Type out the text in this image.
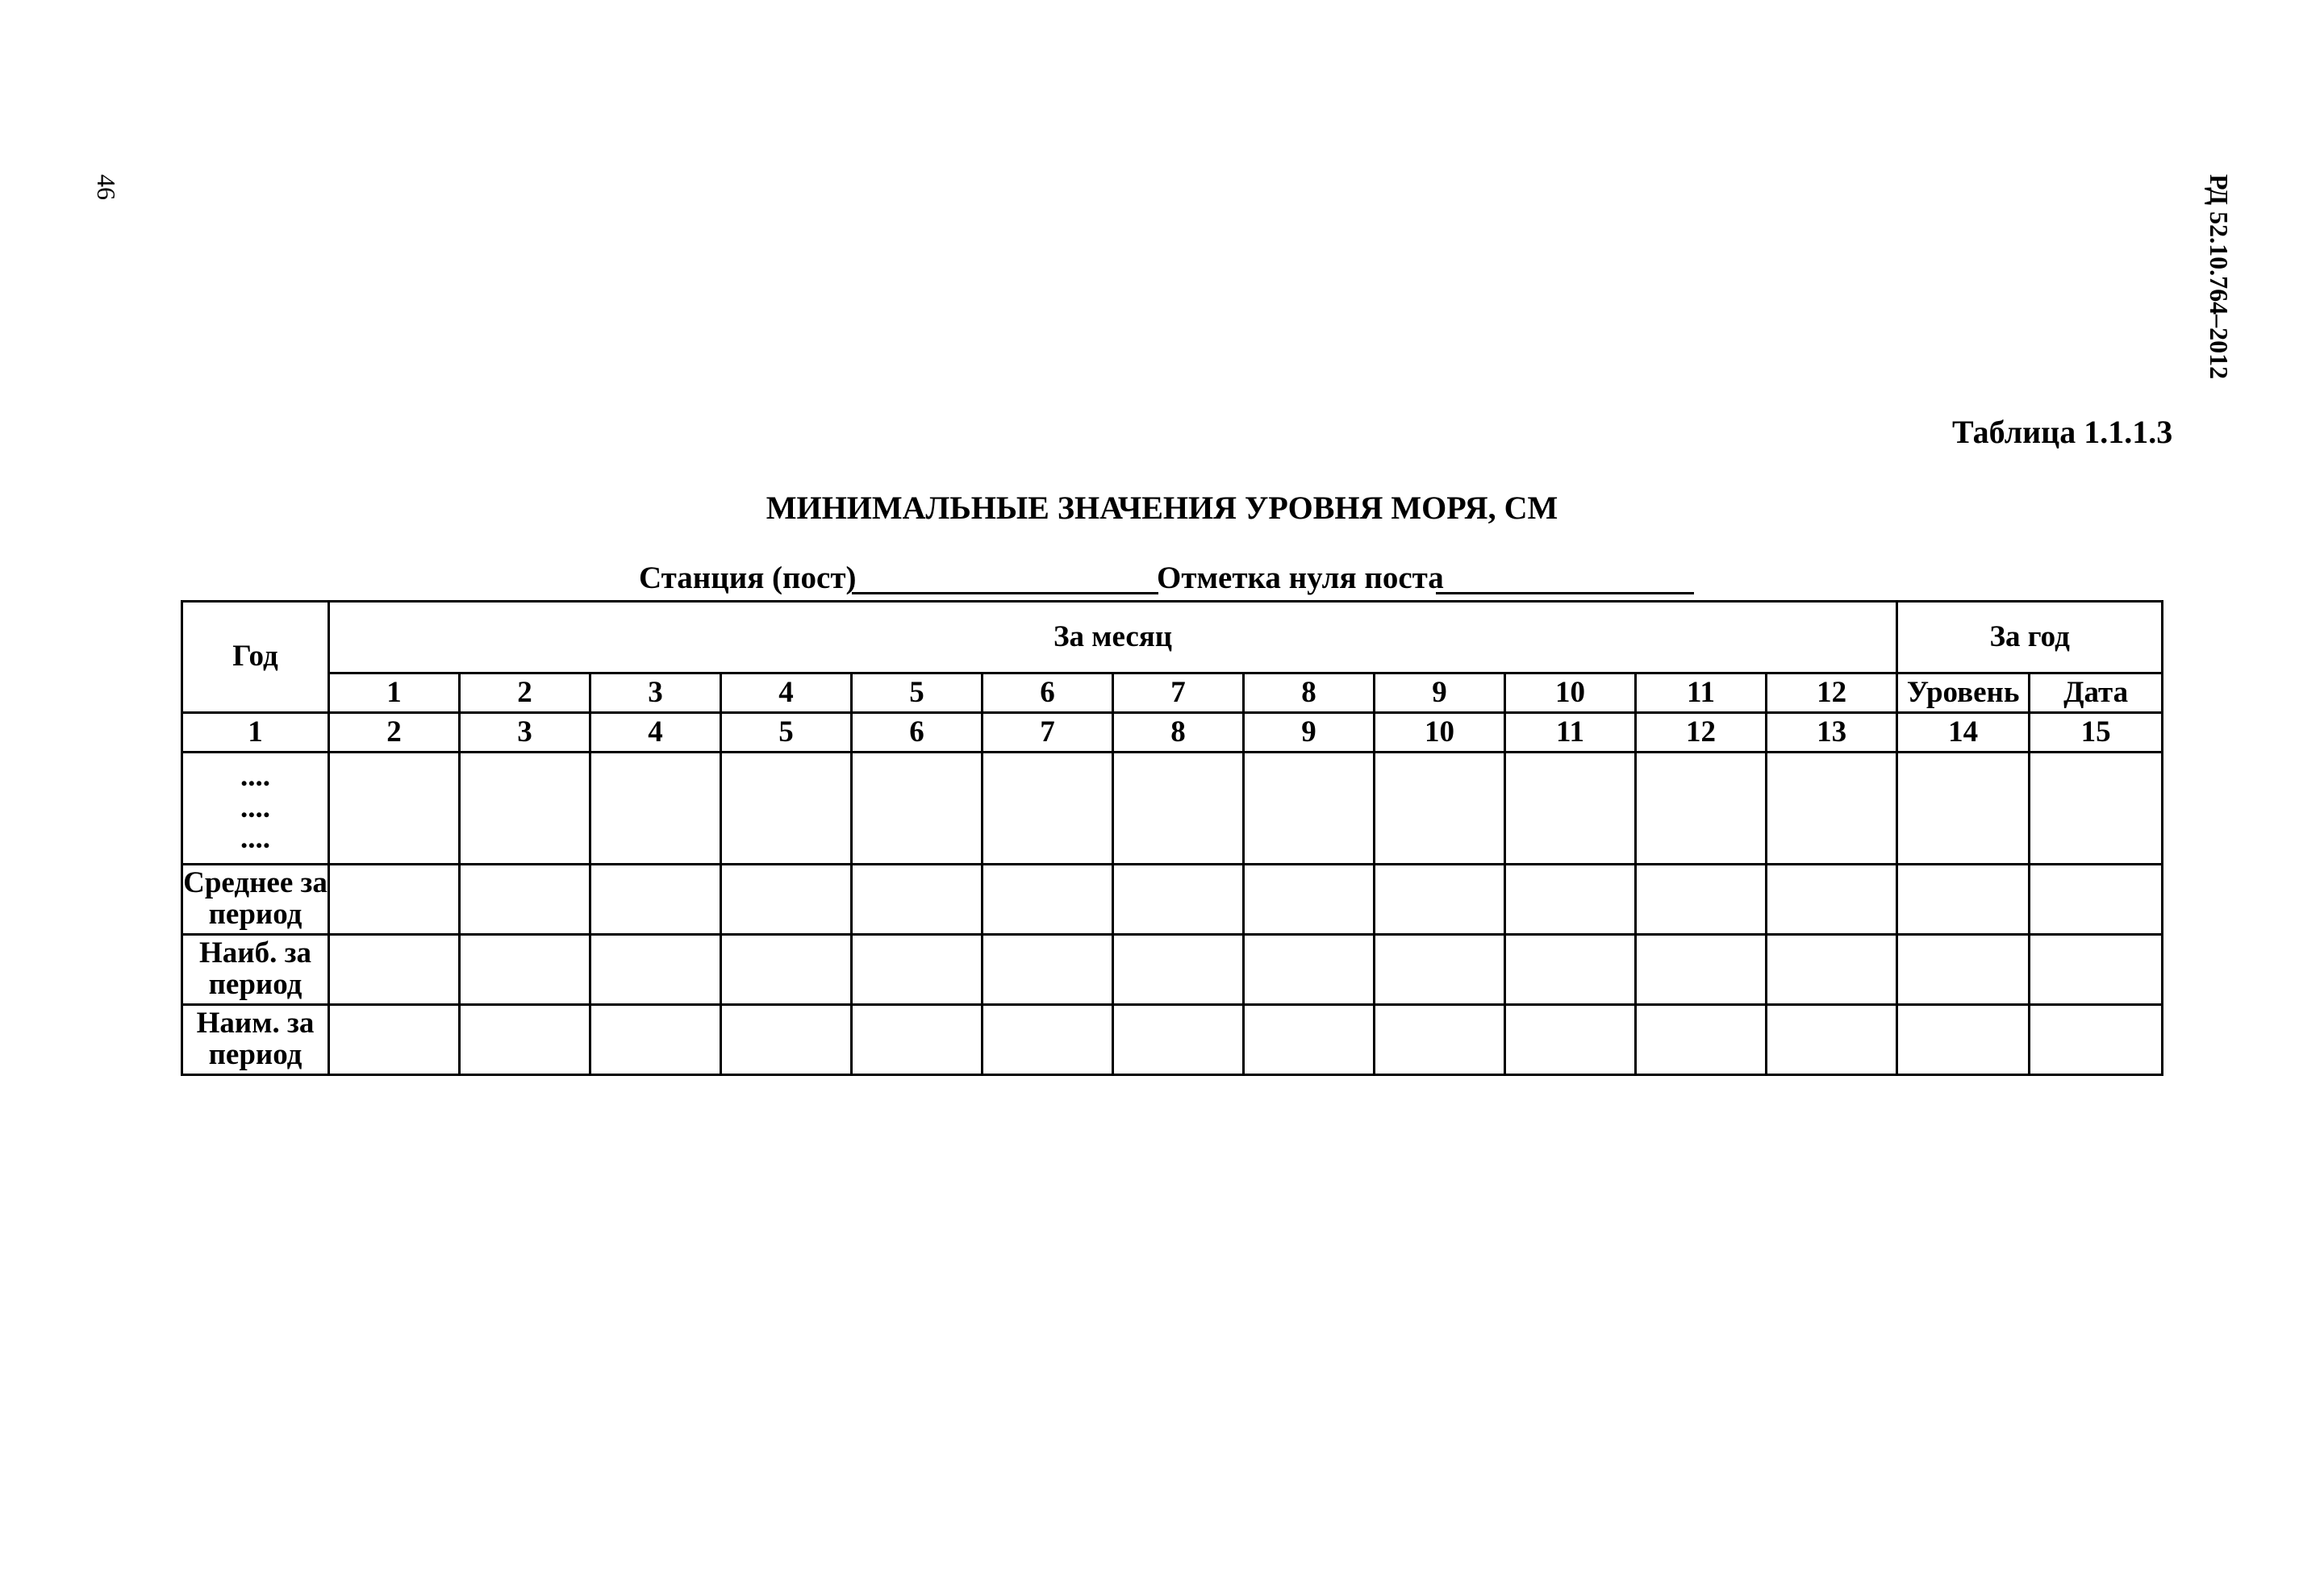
46	РД 52.10.764–2012
Таблица 1.1.1.3
МИНИМАЛЬНЫЕ ЗНАЧЕНИЯ УРОВНЯ МОРЯ, СМ
Станция (пост)	Отметка нуля поста
Год	За месяц												За год	
	1	2	3	4	5	6	7	8	9	10	11	12	Уровень	Дата
1	2	3	4	5	6	7	8	9	10	11	12	13	14	15

....
....
....														

Среднее за
период														

Наиб. за
период														

Наим. за
период														
